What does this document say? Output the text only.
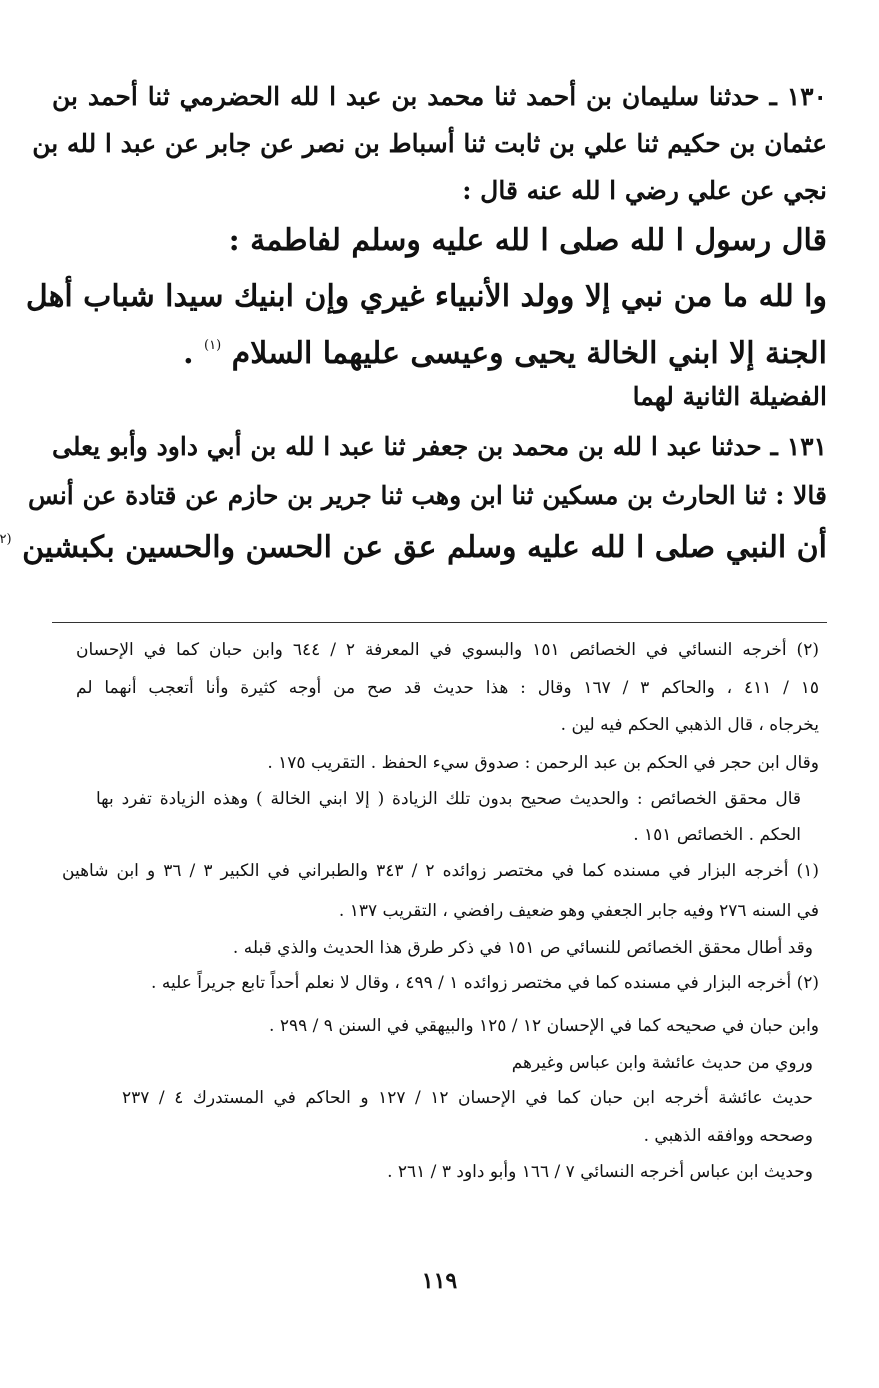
١٣٠ ـ حدثنا سليمان بن أحمد ثنا محمد بن عبد ا لله الحضرمي ثنا أحمد بن
عثمان بن حكيم ثنا علي بن ثابت ثنا أسباط بن نصر عن جابر عن عبد ا لله بن
نجي عن علي رضي ا لله عنه قال :
قال رسول ا لله صلى ا لله عليه وسلم لفاطمة :
وا لله ما من نبي إلا وولد الأنبياء غيري وإن ابنيك سيدا شباب أهل
الجنة إلا ابني الخالة يحيى وعيسى عليهما السلام $^{(١)}$ .
الفضيلة الثانية لهما
١٣١ ـ حدثنا عبد ا لله بن محمد بن جعفر ثنا عبد ا لله بن أبي داود وأبو يعلى
قالا : ثنا الحارث بن مسكين ثنا ابن وهب ثنا جرير بن حازم عن قتادة عن أنس
أن النبي صلى ا لله عليه وسلم عق عن الحسن والحسين بكبشين $^{(٢}$
(٢) أخرجه النسائي في الخصائص ١٥١ والبسوي في المعرفة ٢ / ٦٤٤ وابن حبان كما في الإحسان
١٥ / ٤١١ ، والحاكم ٣ / ١٦٧ وقال : هذا حديث قد صح من أوجه كثيرة وأنا أتعجب أنهما لم
يخرجاه ، قال الذهبي الحكم فيه لين .
وقال ابن حجر في الحكم بن عبد الرحمن : صدوق سيء الحفظ . التقريب ١٧٥ .
قال محقق الخصائص : والحديث صحيح بدون تلك الزيادة ( إلا ابني الخالة ) وهذه الزيادة تفرد بها
الحكم . الخصائص ١٥١ .
(١) أخرجه البزار في مسنده كما في مختصر زوائده ٢ / ٣٤٣ والطبراني في الكبير ٣ / ٣٦ و ابن شاهين
في السنه ٢٧٦ وفيه جابر الجعفي وهو ضعيف رافضي ، التقريب ١٣٧ .
وقد أطال محقق الخصائص للنسائي ص ١٥١ في ذكر طرق هذا الحديث والذي قبله .
(٢) أخرجه البزار في مسنده كما في مختصر زوائده ١ / ٤٩٩ ، وقال لا نعلم أحداً تابع جريراً عليه .
وابن حبان في صحيحه كما في الإحسان ١٢ / ١٢٥ والبيهقي في السنن ٩ / ٢٩٩ .
وروي من حديث عائشة وابن عباس وغيرهم
حديث عائشة أخرجه ابن حبان كما في الإحسان ١٢ / ١٢٧ و الحاكم في المستدرك ٤ / ٢٣٧
وصححه ووافقه الذهبي .
وحديث ابن عباس أخرجه النسائي ٧ / ١٦٦ وأبو داود ٣ / ٢٦١ .
١١٩
